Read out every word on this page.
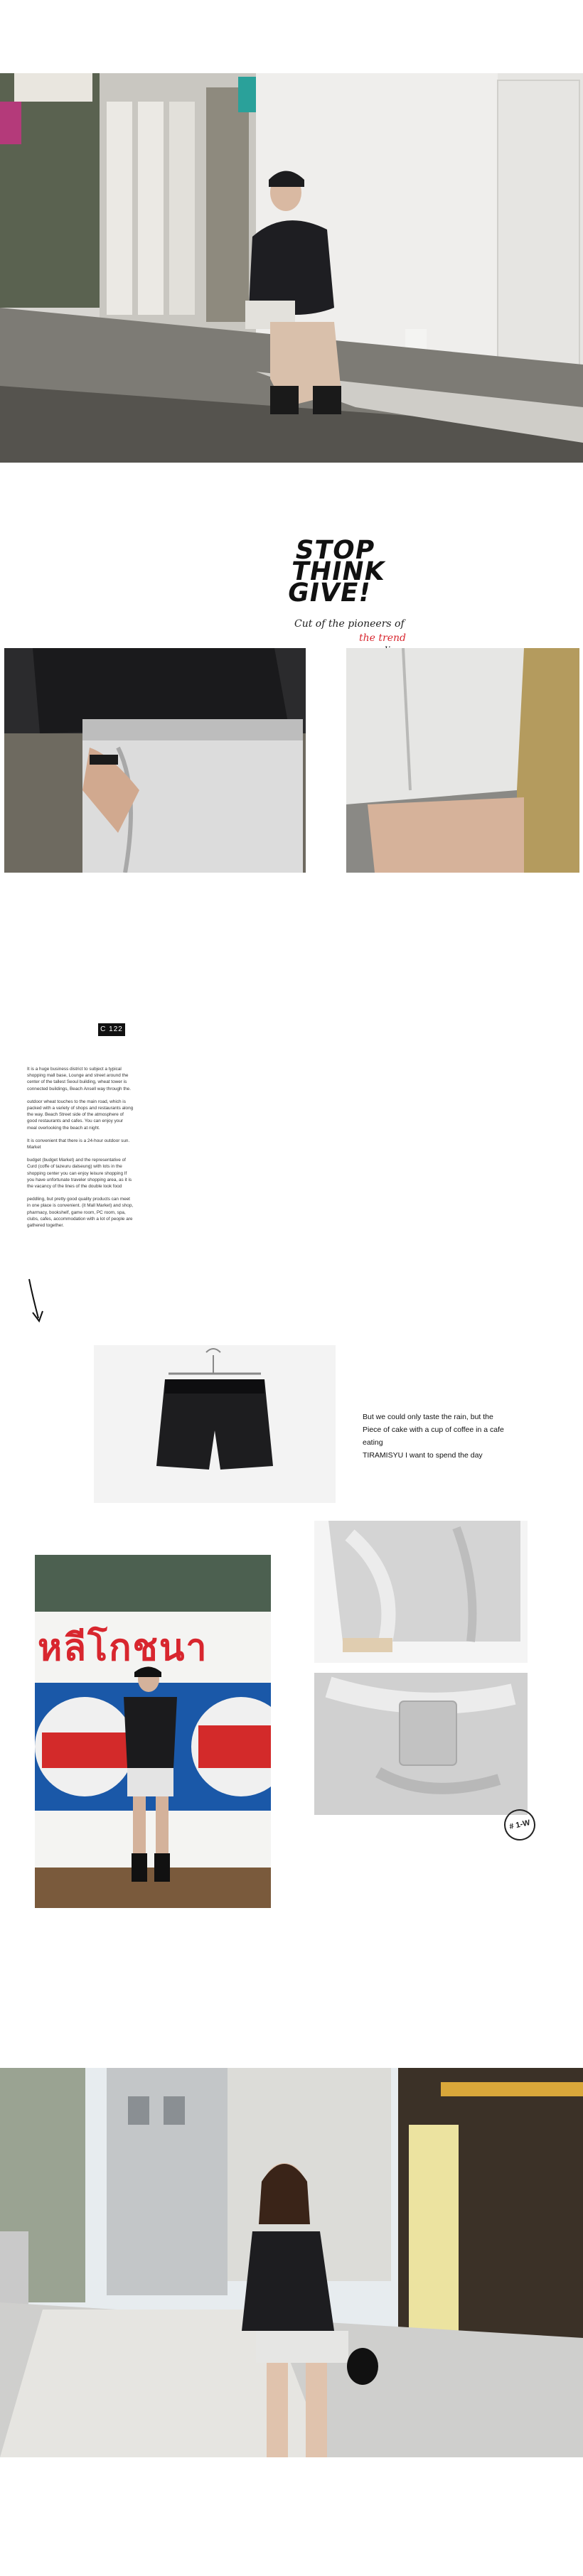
STOP
THINK
GIVE!
Cut of the pioneers of
the trend
C 122

It is a huge business district to subject a typical shopping mall base, Lounge and street around the center of the tallest Seoul building, wheat tower is connected buildings, Beach Ansell way through the.

outdoor wheat touches to the main road, which is packed with a variety of shops and restaurants along the way. Beach Street side of the atmosphere of good restaurants and cafes. You can enjoy your meal overlooking the beach at night.

It is convenient that there is a 24-hour outdoor sun. Market

budget (budget Market) and the representative of Curd (coffe of tazeuru dalseung) with lots in the shopping center you can enjoy leisure shopping If you have unfortunate traveler shopping area, as it is the vacancy of the lines of the double look food

peddling, but pretty good quality products can meet in one place is convenient. (it Mall Market) and shop, pharmacy, bookshelf, game room, PC room, spa, clubs, cafes, accommodation with a lot of people are gathered together.

But we could only taste the rain, but the
Piece of cake with a cup of coffee in a cafe eating
TIRAMISYU I want to spend the day
หลีโกชนา
# 1-W
